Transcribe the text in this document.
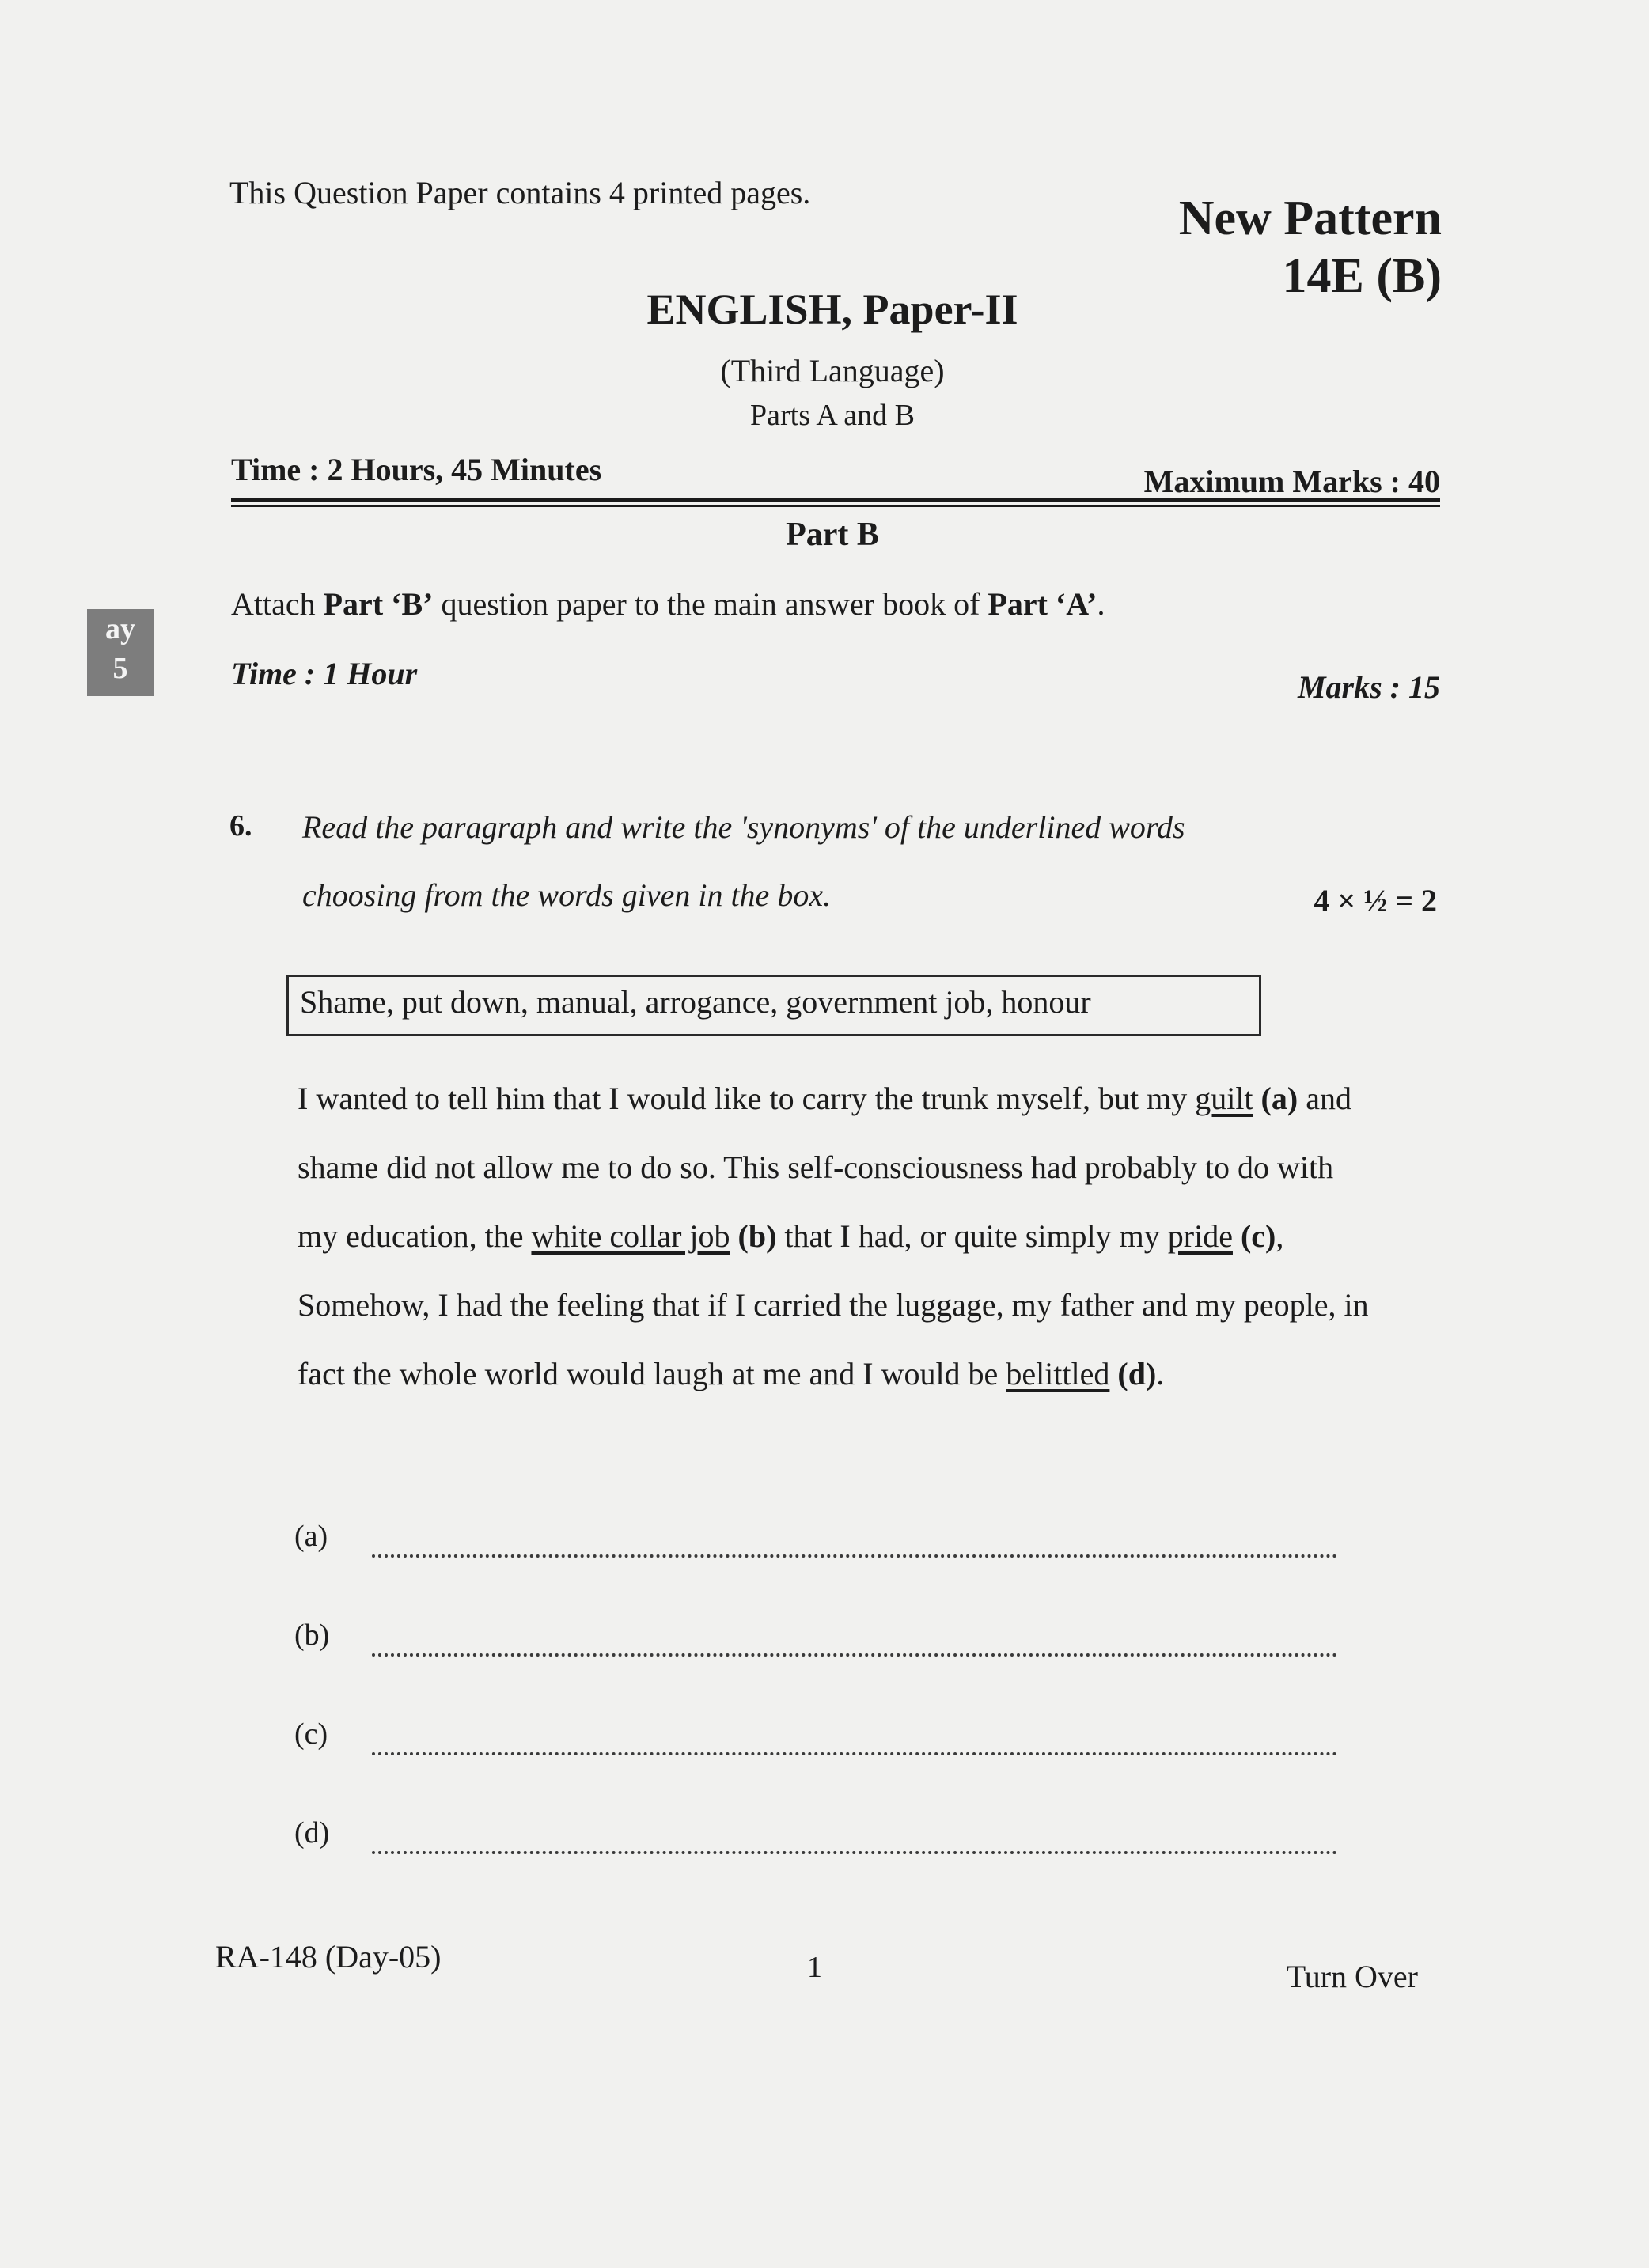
This Question Paper contains 4 printed pages.	New Pattern
14E (B)
ENGLISH, Paper-II
(Third Language)
Parts A and B
Time : 2 Hours, 45 Minutes	Maximum Marks : 40
Part B
Attach Part ‘B’ question paper to the main answer book of Part ‘A’.
ay
5	Time : 1 Hour	Marks : 15
6. Read the paragraph and write the 'synonyms' of the underlined words
choosing from the words given in the box.	4 × ½ = 2
Shame, put down, manual, arrogance, government job, honour
I wanted to tell him that I would like to carry the trunk myself, but my guilt (a) and shame did not allow me to do so. This self-consciousness had probably to do with my education, the white collar job (b) that I had, or quite simply my pride (c), Somehow, I had the feeling that if I carried the luggage, my father and my people, in fact the whole world would laugh at me and I would be belittled (d).
(a)
(b)
(c)
(d)
RA-148 (Day-05)	1	Turn Over
